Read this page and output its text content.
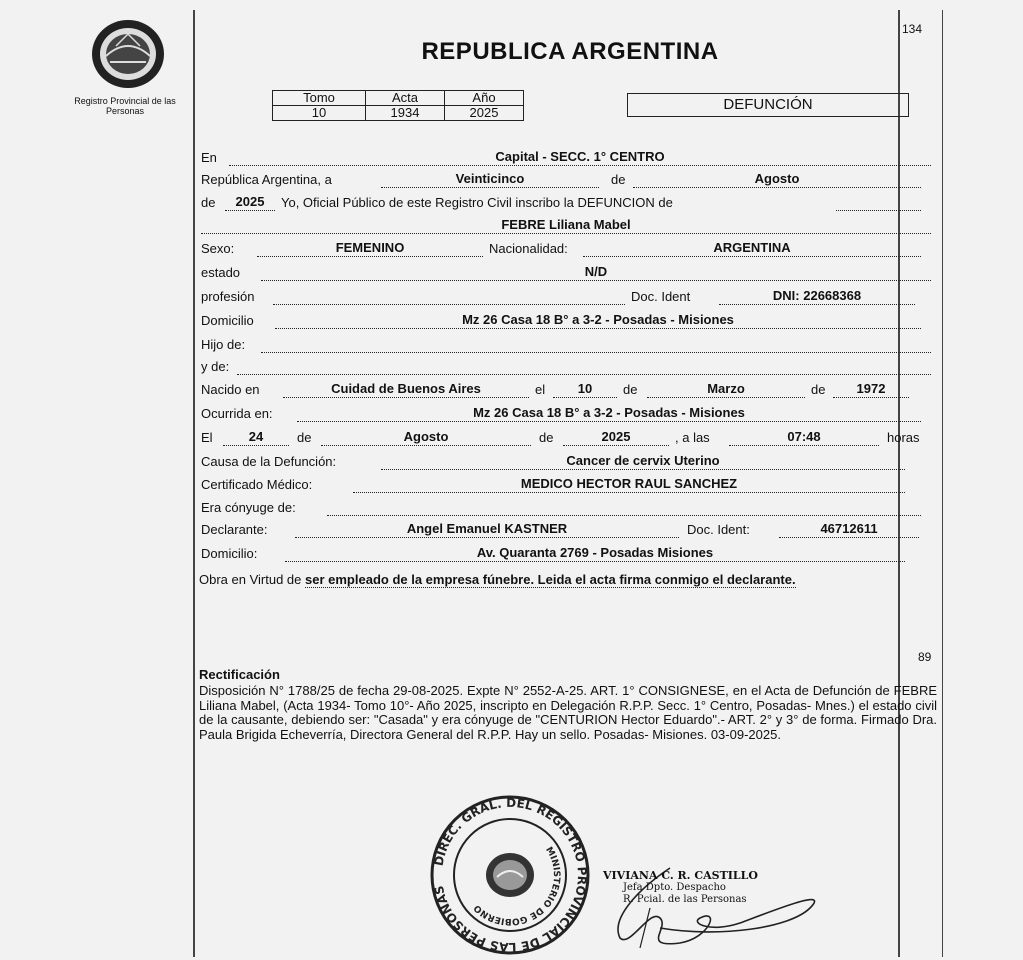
Registro Provincial de las Personas
134
REPUBLICA ARGENTINA
Tomo	Acta	Año
10	1934	2025	DEFUNCIÓN
En	Capital - SECC. 1° CENTRO
República Argentina, a	Veinticinco	de	Agosto
de	2025	Yo, Oficial Público de este Registro Civil inscribo la DEFUNCION de
FEBRE Liliana Mabel
Sexo:	FEMENINO	Nacionalidad:	ARGENTINA
estado	N/D
profesión	Doc. Ident	DNI: 22668368
Domicilio	Mz 26 Casa 18 B° a 3-2 - Posadas - Misiones
Hijo de:
y de:
Nacido en	Cuidad de Buenos Aires	el	10	de	Marzo	de	1972
Ocurrida en:	Mz 26 Casa 18 B° a 3-2 - Posadas - Misiones
El	24	de	Agosto	de	2025	, a las	07:48	horas
Causa de la Defunción:	Cancer de cervix Uterino
Certificado Médico:	MEDICO HECTOR RAUL SANCHEZ
Era cónyuge de:
Declarante:	Angel Emanuel KASTNER	Doc. Ident:	46712611
Domicilio:	Av. Quaranta 2769 - Posadas Misiones
Obra en Virtud de ser empleado de la empresa fúnebre. Leida el acta firma conmigo el declarante.
89
Rectificación
Disposición N° 1788/25 de fecha 29-08-2025. Expte N° 2552-A-25. ART. 1° CONSIGNESE, en el Acta de Defunción de FEBRE Liliana Mabel, (Acta 1934- Tomo 10°- Año 2025, inscripto en Delegación R.P.P. Secc. 1° Centro, Posadas- Mnes.) el estado civil de la causante, debiendo ser: "Casada" y era cónyuge de "CENTURION Hector Eduardo".- ART. 2° y 3° de forma. Firmado Dra. Paula Brigida Echeverría, Directora General del R.P.P. Hay un sello. Posadas- Misiones. 03-09-2025.
DIREC. GRAL. DEL REGISTRO PROVINCIAL DE LAS PERSONAS
MINISTERIO DE GOBIERNO
VIVIANA C. R. CASTILLO
Jefa Dpto. Despacho
R. Pcial. de las Personas
